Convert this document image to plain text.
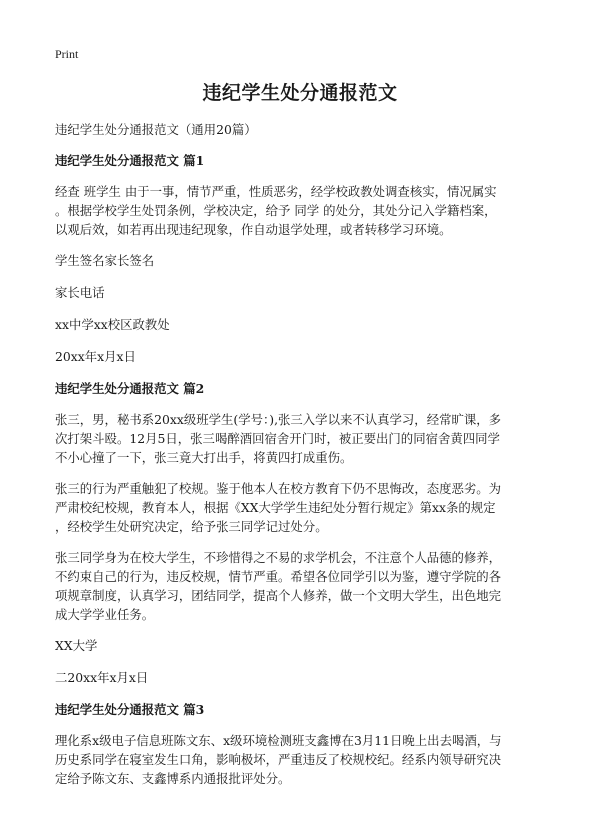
Print
违纪学生处分通报范文

违纪学生处分通报范文（通用20篇）

违纪学生处分通报范文 篇1

经查 班学生 由于一事，情节严重，性质恶劣，经学校政教处调查核实，情况属实
。根据学校学生处罚条例，学校决定，给予 同学 的处分，其处分记入学籍档案，
以观后效，如若再出现违纪现象，作自动退学处理，或者转移学习环境。

学生签名家长签名

家长电话

xx中学xx校区政教处

20xx年x月x日

违纪学生处分通报范文 篇2

张三，男，秘书系20xx级班学生(学号：),张三入学以来不认真学习，经常旷课，多
次打架斗殴。12月5日，张三喝醉酒回宿舍开门时，被正要出门的同宿舍黄四同学
不小心撞了一下，张三竟大打出手，将黄四打成重伤。

张三的行为严重触犯了校规。鉴于他本人在校方教育下仍不思悔改，态度恶劣。为
严肃校纪校规，教育本人，根据《XX大学学生违纪处分暂行规定》第xx条的规定
，经校学生处研究决定，给予张三同学记过处分。

张三同学身为在校大学生，不珍惜得之不易的求学机会，不注意个人品德的修养，
不约束自己的行为，违反校规，情节严重。希望各位同学引以为鉴，遵守学院的各
项规章制度，认真学习，团结同学，提高个人修养，做一个文明大学生，出色地完
成大学学业任务。

XX大学

二20xx年x月x日

违纪学生处分通报范文 篇3

理化系x级电子信息班陈文东、x级环境检测班支鑫博在3月11日晚上出去喝酒，与
历史系同学在寝室发生口角，影响极坏，严重违反了校规校纪。经系内领导研究决
定给予陈文东、支鑫博系内通报批评处分。
